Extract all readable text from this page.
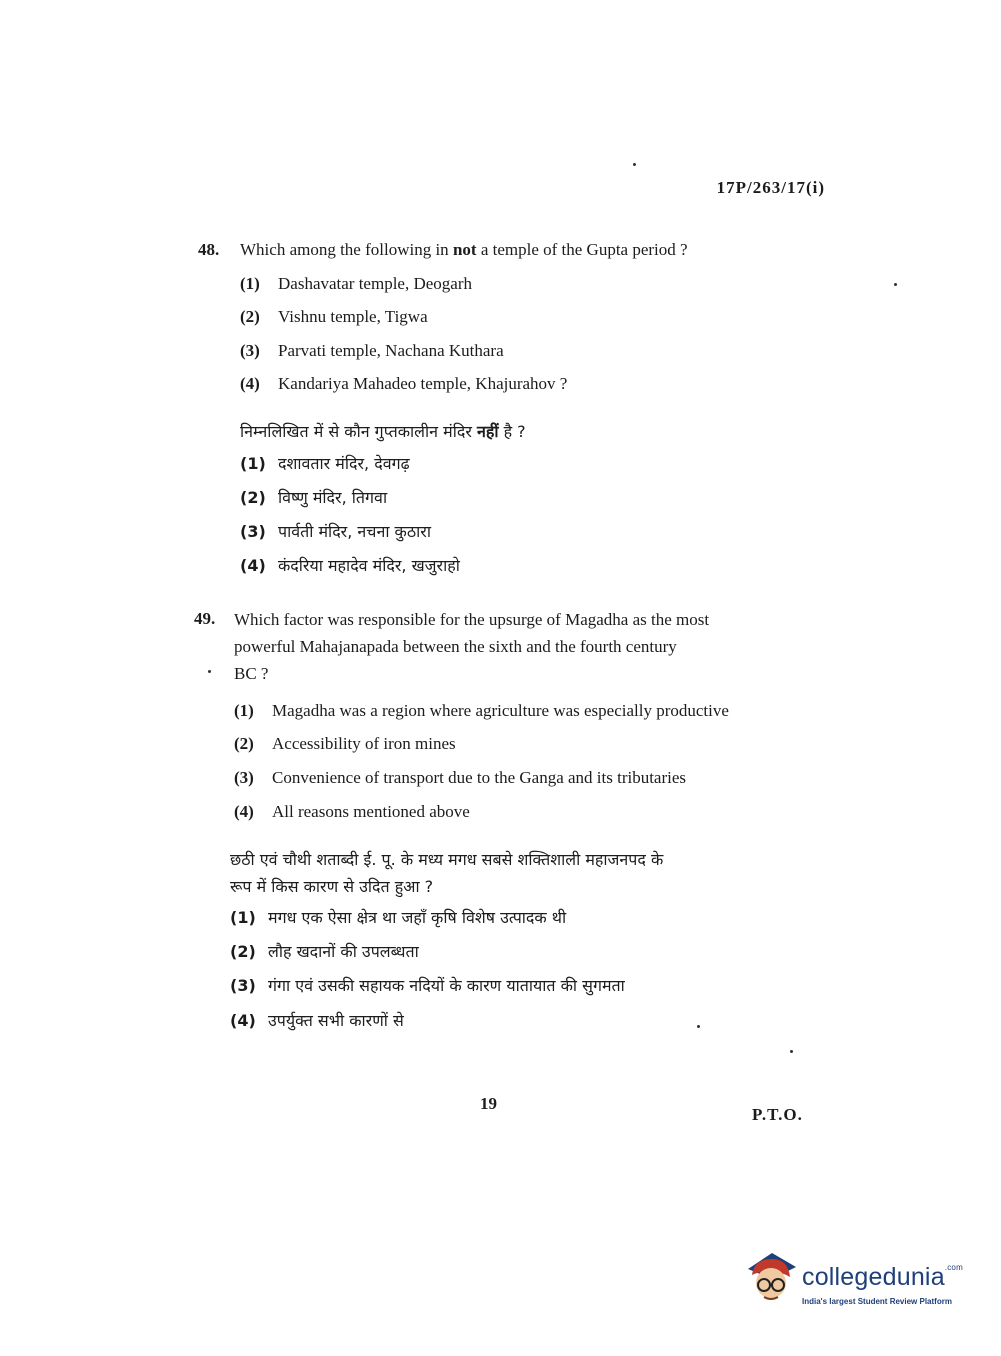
17P/263/17(i)
48. Which among the following in not a temple of the Gupta period ?
(1) Dashavatar temple, Deogarh
(2) Vishnu temple, Tigwa
(3) Parvati temple, Nachana Kuthara
(4) Kandariya Mahadeo temple, Khajurahov ?
निम्नलिखित में से कौन गुप्तकालीन मंदिर नहीं है ?
(1) दशावतार मंदिर, देवगढ़
(2) विष्णु मंदिर, तिगवा
(3) पार्वती मंदिर, नचना कुठारा
(4) कंदरिया महादेव मंदिर, खजुराहो
49. Which factor was responsible for the upsurge of Magadha as the most
powerful Mahajanapada between the sixth and the fourth century
BC ?
(1) Magadha was a region where agriculture was especially productive
(2) Accessibility of iron mines
(3) Convenience of transport due to the Ganga and its tributaries
(4) All reasons mentioned above
छठी एवं चौथी शताब्दी ई. पू. के मध्य मगध सबसे शक्तिशाली महाजनपद के
रूप में किस कारण से उदित हुआ ?
(1) मगध एक ऐसा क्षेत्र था जहाँ कृषि विशेष उत्पादक थी
(2) लौह खदानों की उपलब्धता
(3) गंगा एवं उसकी सहायक नदियों के कारण यातायात की सुगमता
(4) उपर्युक्त सभी कारणों से
19
P.T.O.
collegedunia$^{.com}$
India's largest Student Review Platform
